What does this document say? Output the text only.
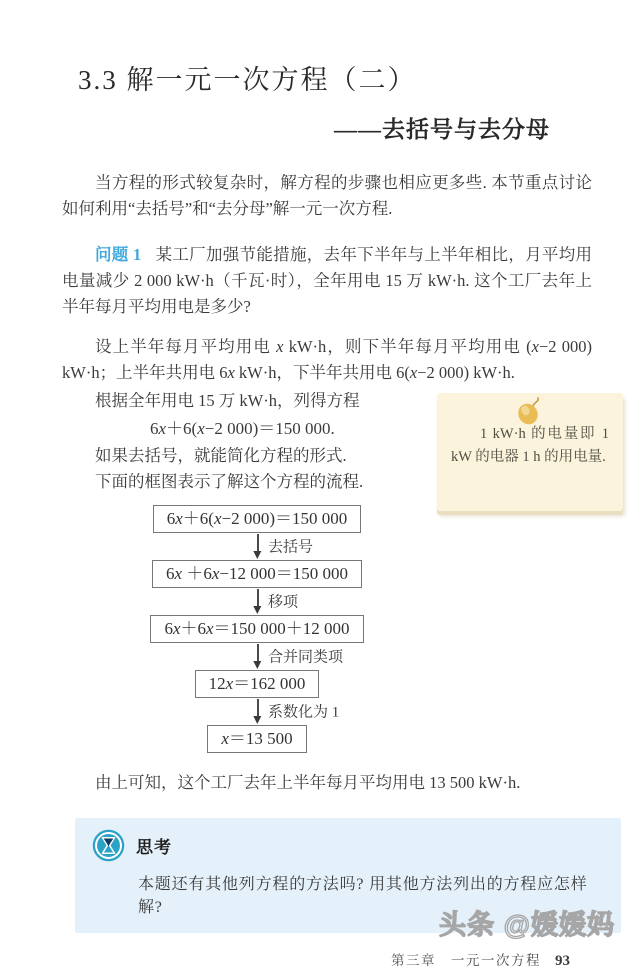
3.3 解一元一次方程（二）
——去括号与去分母

当方程的形式较复杂时，解方程的步骤也相应更多些. 本节重点讨论如何利用“去括号”和“去分母”解一元一次方程.

问题 1 某工厂加强节能措施，去年下半年与上半年相比，月平均用电量减少 2 000 kW·h（千瓦·时），全年用电 15 万 kW·h. 这个工厂去年上半年每月平均用电是多少?

设上半年每月平均用电 x kW·h，则下半年每月平均用电 (x−2 000) kW·h；上半年共用电 6x kW·h，下半年共用电 6(x−2 000) kW·h.

根据全年用电 15 万 kW·h，列得方程

6x＋6(x−2 000)＝150 000.

如果去括号，就能简化方程的形式.

下面的框图表示了解这个方程的流程.

6x＋6(x−2 000)＝150 000
去括号
6x ＋6x−12 000＝150 000
移项
6x＋6x＝150 000＋12 000
合并同类项
12x＝162 000
系数化为 1
x＝13 500

由上可知，这个工厂去年上半年每月平均用电 13 500 kW·h.

思考
本题还有其他列方程的方法吗? 用其他方法列出的方程应怎样解?
第三章　一元一次方程 93
1 kW·h 的电量即 1 kW 的电器 1 h 的用电量.
头条 @媛媛妈
